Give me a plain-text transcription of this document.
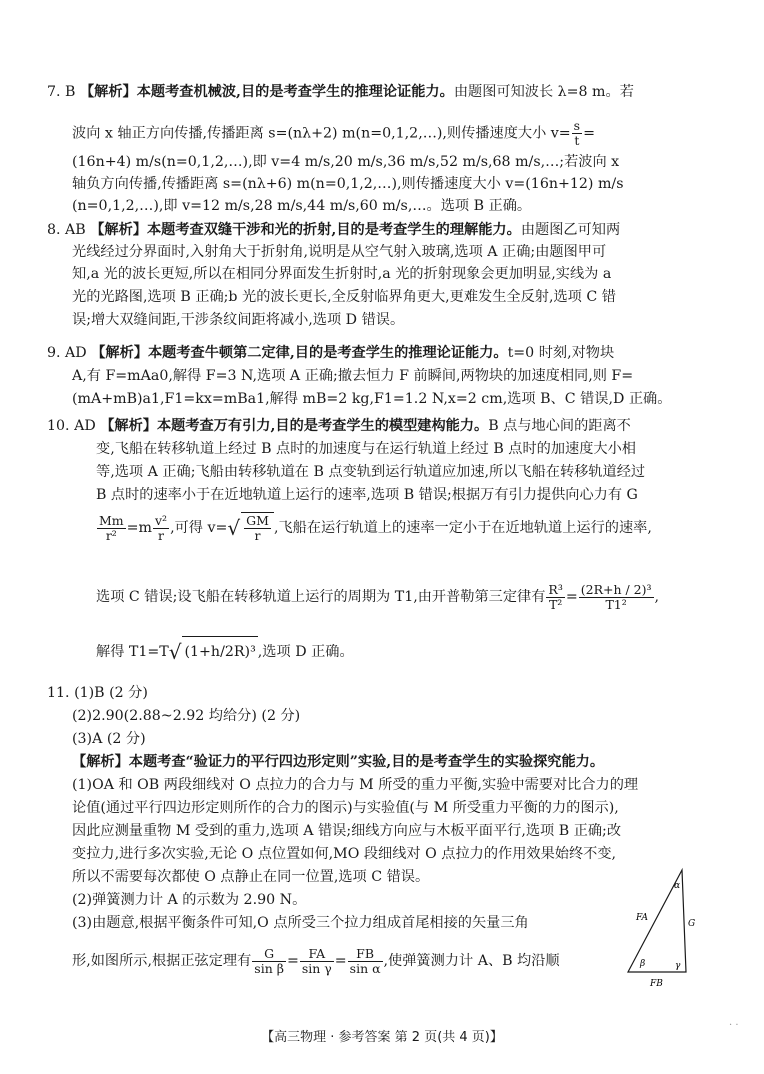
7. B 【解析】本题考查机械波,目的是考查学生的推理论证能力。由题图可知波长 λ=8 m。若
波向 x 轴正方向传播,传播距离 s=(nλ+2) m(n=0,1,2,…),则传播速度大小 $v= \frac{s}{t}$ =
(16n+4) m/s(n=0,1,2,…),即 v=4 m/s,20 m/s,36 m/s,52 m/s,68 m/s,…;若波向 x
轴负方向传播,传播距离 s=(nλ+6) m(n=0,1,2,…),则传播速度大小 v=(16n+12) m/s
(n=0,1,2,…),即 v=12 m/s,28 m/s,44 m/s,60 m/s,…。选项 B 正确。
8. AB 【解析】本题考查双缝干涉和光的折射,目的是考查学生的理解能力。由题图乙可知两
光线经过分界面时,入射角大于折射角,说明是从空气射入玻璃,选项 A 正确;由题图甲可
知,a 光的波长更短,所以在相同分界面发生折射时,a 光的折射现象会更加明显,实线为 a
光的光路图,选项 B 正确;b 光的波长更长,全反射临界角更大,更难发生全反射,选项 C 错
误;增大双缝间距,干涉条纹间距将减小,选项 D 错误。
9. AD 【解析】本题考查牛顿第二定律,目的是考查学生的推理论证能力。t=0 时刻,对物块
A,有 F=mAa0,解得 F=3 N,选项 A 正确;撤去恒力 F 前瞬间,两物块的加速度相同,则 F=
(mA+mB)a1,F1=kx=mBa1,解得 mB=2 kg,F1=1.2 N,x=2 cm,选项 B、C 错误,D 正确。
10. AD 【解析】本题考查万有引力,目的是考查学生的模型建构能力。B 点与地心间的距离不
变,飞船在转移轨道上经过 B 点时的加速度与在运行轨道上经过 B 点时的加速度大小相
等,选项 A 正确;飞船由转移轨道在 B 点变轨到运行轨道应加速,所以飞船在转移轨道经过
B 点时的速率小于在近地轨道上运行的速率,选项 B 错误;根据万有引力提供向心力有 G
$\frac{Mm}{\text{r²}} =m \frac{\text{v²}}{r}$ ,可得 $v=√ \frac{GM}{r}$ ,飞船在运行轨道上的速率一定小于在近地轨道上运行的速率,
选项 C 错误;设飞船在转移轨道上运行的周期为 T1,由开普勒第三定律有 $\frac{\text{R³}}{\text{T²}} = \frac{\text{(2R+h / 2)³}}{\text{T1²}}$ ,
解得 T1=T√ (1+h/2R)³ ,选项 D 正确。
11. (1)B (2 分)
(2)2.90(2.88~2.92 均给分) (2 分)
(3)A (2 分)
【解析】本题考查“验证力的平行四边形定则”实验,目的是考查学生的实验探究能力。
(1)OA 和 OB 两段细线对 O 点拉力的合力与 M 所受的重力平衡,实验中需要对比合力的理
论值(通过平行四边形定则所作的合力的图示)与实验值(与 M 所受重力平衡的力的图示),
因此应测量重物 M 受到的重力,选项 A 错误;细线方向应与木板平面平行,选项 B 正确;改
变拉力,进行多次实验,无论 O 点位置如何,MO 段细线对 O 点拉力的作用效果始终不变,
所以不需要每次都使 O 点静止在同一位置,选项 C 错误。
(2)弹簧测力计 A 的示数为 2.90 N。
(3)由题意,根据平衡条件可知,O 点所受三个拉力组成首尾相接的矢量三角
形,如图所示,根据正弦定理有 $\frac{G}{\text{sin β}} = \frac{FA}{\text{sin γ}} = \frac{FB}{\text{sin α}}$ ,使弹簧测力计 A、B 均沿顺
α
β	γ
FA
G
FB
【高三物理 · 参考答案 第 2 页(共 4 页)】
· ·
